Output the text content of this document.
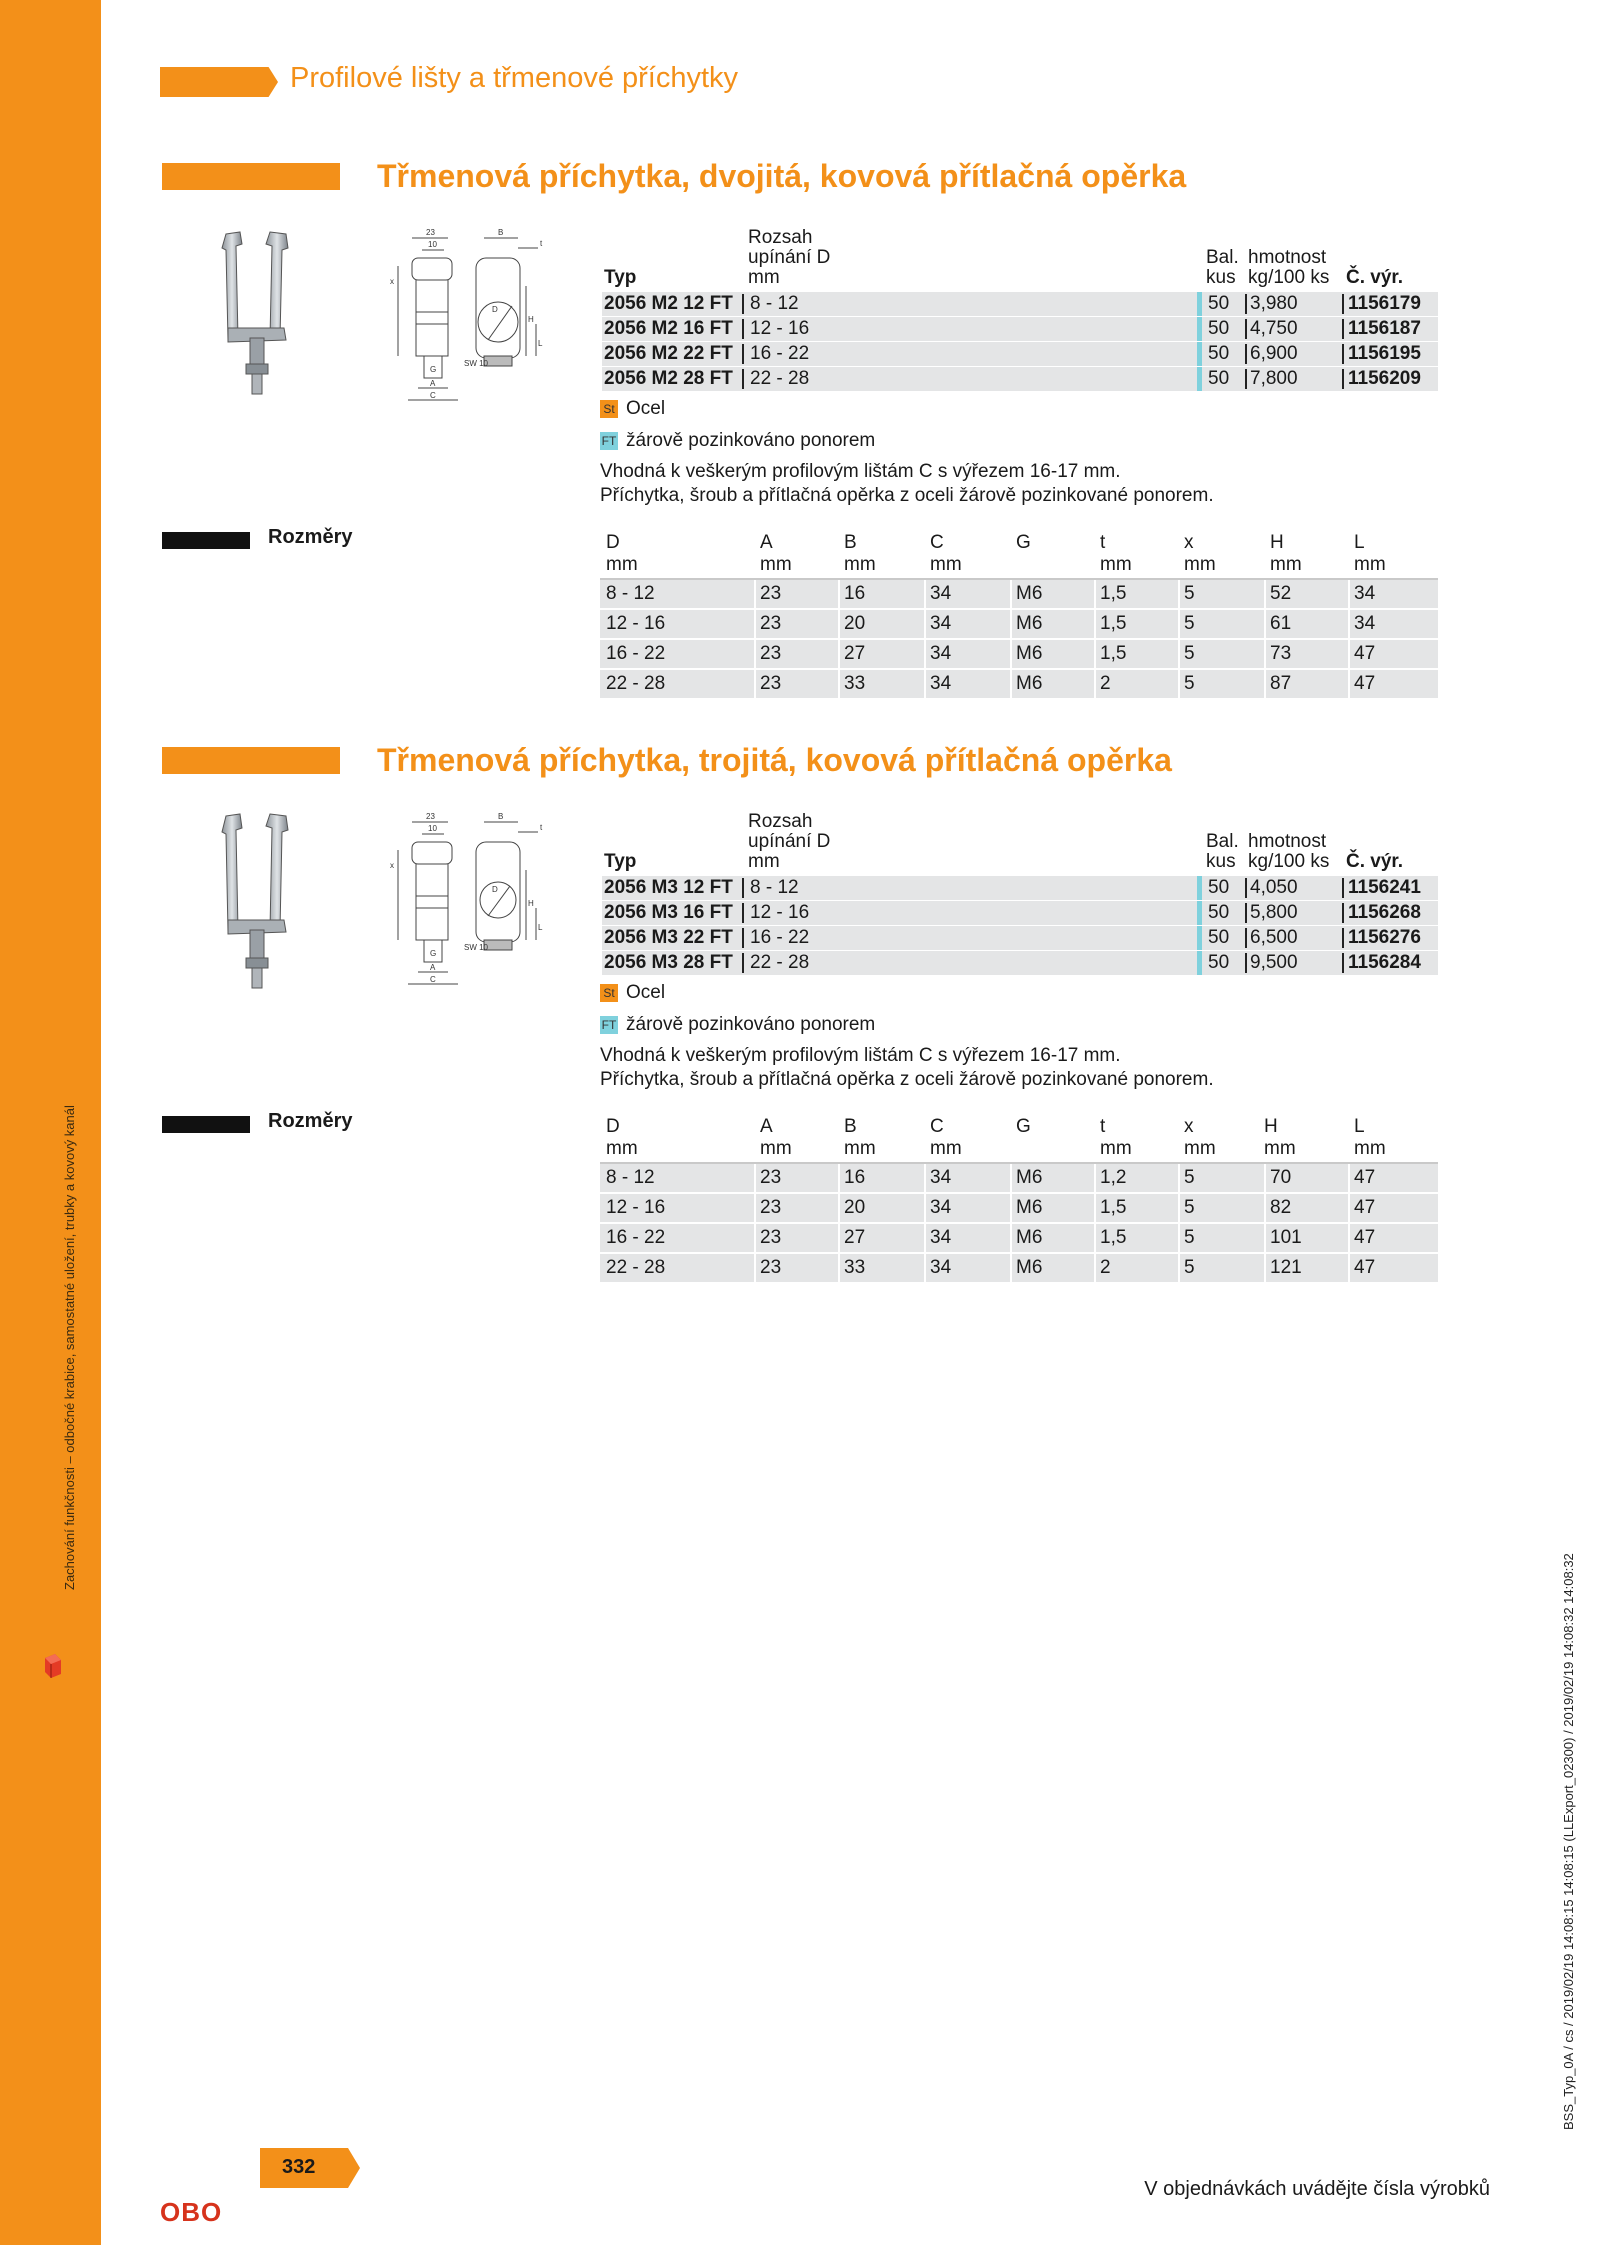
Zachování funkčnosti – odbočné krabice, samostatné uložení, trubky a kovový kanál
Profilové lišty a třmenové příchytky
Třmenová příchytka, dvojitá, kovová přítlačná opěrka
23
10
B
D
H
SW 10
G
A
C
t
L
x	Typ
Rozsah
upínání D
mm
Bal.
kus
hmotnost
kg/100 ks Č. výr.
2056 M2 12 FT 8 - 12	50 3,980	1156179
2056 M2 16 FT 12 - 16	50 4,750	1156187
2056 M2 22 FT 16 - 22	50 6,900	1156195
2056 M2 28 FT 22 - 28	50 7,800	1156209
St Ocel
FT žárově pozinkováno ponorem
Vhodná k veškerým profilovým lištám C s výřezem 16-17 mm.
Příchytka, šroub a přítlačná opěrka z oceli žárově pozinkované ponorem.
Rozměry	D	A	B	C	G	t	x	H	L
mm	mm	mm	mm	mm	mm	mm	mm
8 - 12	23	16	34	M6	1,5	5	52	34
12 - 16	23	20	34	M6	1,5	5	61	34
16 - 22	23	27	34	M6	1,5	5	73	47
22 - 28	23	33	34	M6	2	5	87	47
Třmenová příchytka, trojitá, kovová přítlačná opěrka
23
10
B
D
H
SW 10
G
A
C
t
L
x	Typ
Rozsah
upínání D
mm
Bal.
kus
hmotnost
kg/100 ks Č. výr.
2056 M3 12 FT 8 - 12	50 4,050	1156241
2056 M3 16 FT 12 - 16	50 5,800	1156268
2056 M3 22 FT 16 - 22	50 6,500	1156276
2056 M3 28 FT 22 - 28	50 9,500	1156284
St Ocel
FT žárově pozinkováno ponorem
Vhodná k veškerým profilovým lištám C s výřezem 16-17 mm.
Příchytka, šroub a přítlačná opěrka z oceli žárově pozinkované ponorem.
Rozměry	D	A	B	C	G	t	x	H	L
mm	mm	mm	mm	mm	mm	mm	mm
8 - 12	23	16	34	M6	1,2	5	70	47
12 - 16	23	20	34	M6	1,5	5	82	47
16 - 22	23	27	34	M6	1,5	5	101	47
22 - 28	23	33	34	M6	2	5	121	47
BSS_Typ_0A / cs / 2019/02/19 14:08:15 14:08:15 (LLExport_02300) / 2019/02/19 14:08:32 14:08:32
OBO
332
V objednávkách uvádějte čísla výrobků
